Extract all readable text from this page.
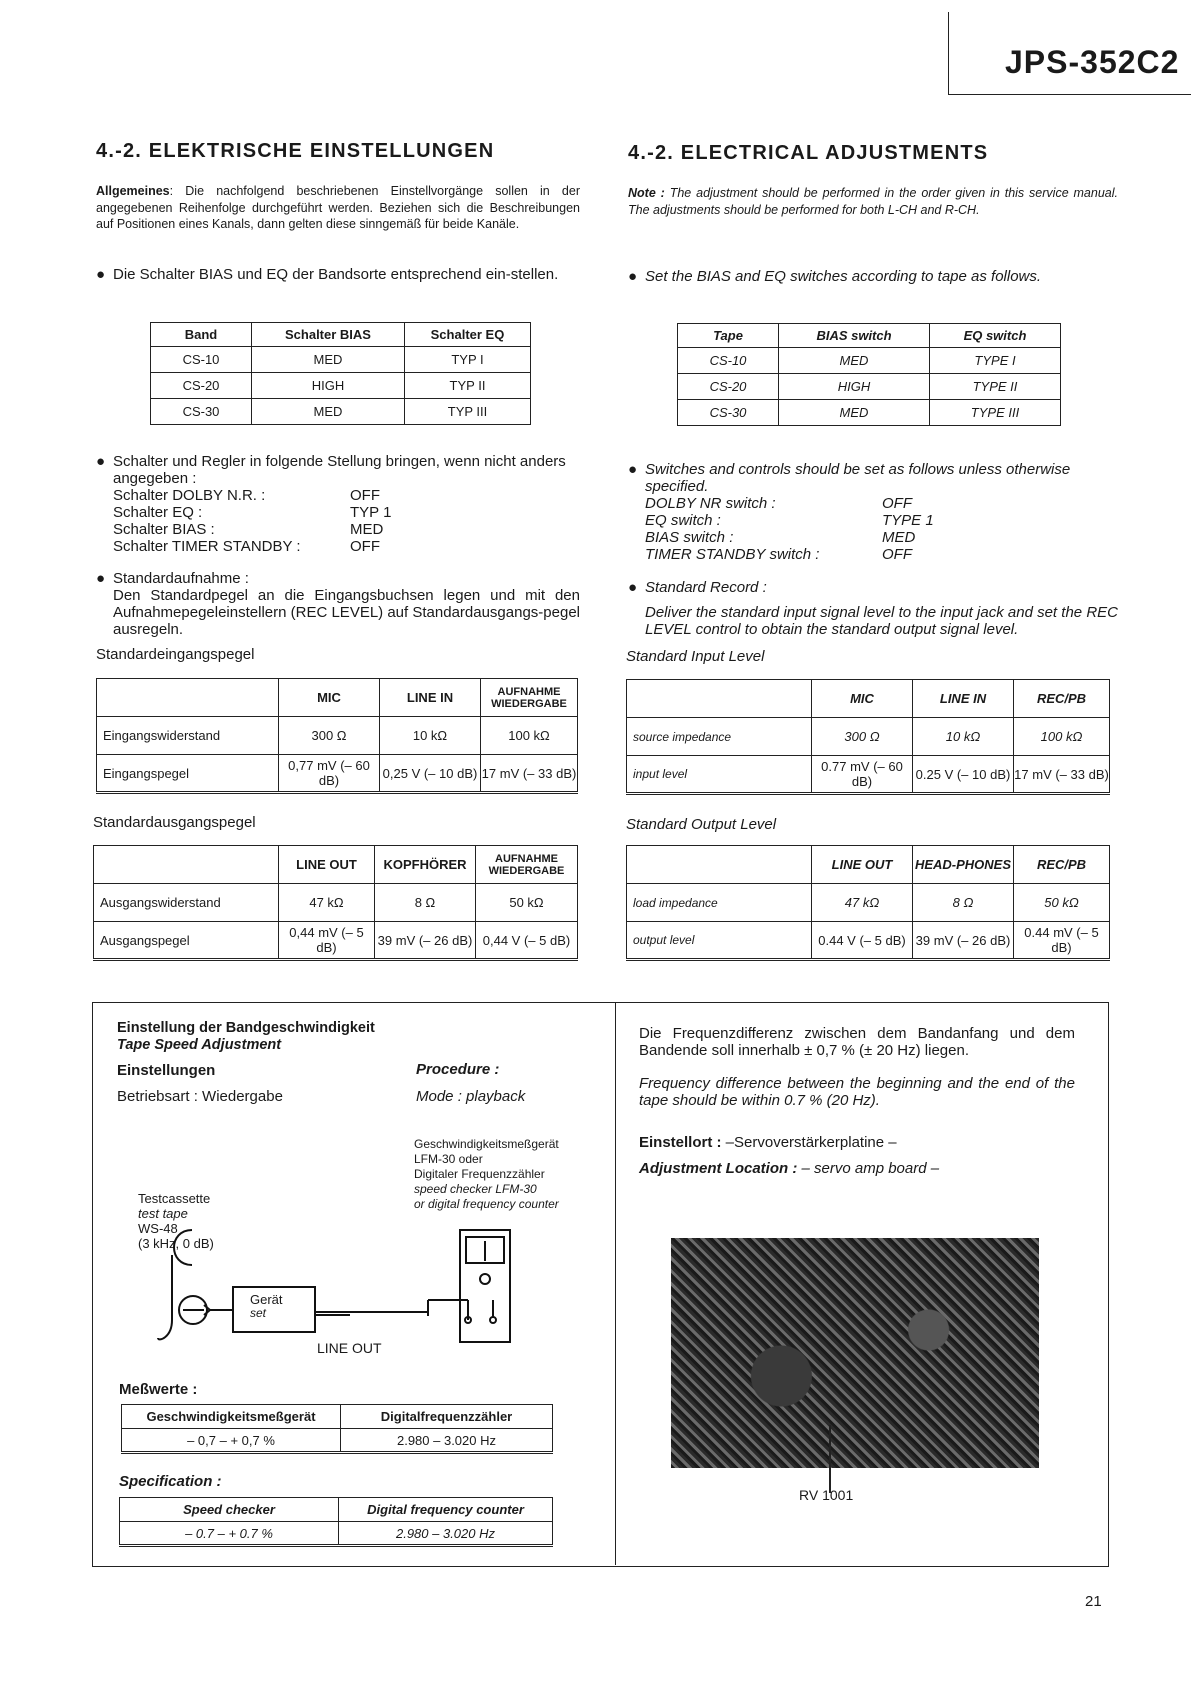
JPS-352C2
4.-2. ELEKTRISCHE EINSTELLUNGEN
Allgemeines: Die nachfolgend beschriebenen Einstellvorgänge sollen in der angegebenen Reihenfolge durchgeführt werden. Beziehen sich die Beschreibungen auf Positionen eines Kanals, dann gelten diese sinngemäß für beide Kanäle.
● Die Schalter BIAS und EQ der Bandsorte entsprechend ein-stellen.
Band	Schalter BIAS	Schalter EQ
CS-10	MED	TYP I
CS-20	HIGH	TYP II
CS-30	MED	TYP III
● Schalter und Regler in folgende Stellung bringen, wenn nicht anders angegeben :
Schalter DOLBY N.R. :	OFF
Schalter EQ :	TYP 1
Schalter BIAS :	MED
Schalter TIMER STANDBY :	OFF
● Standardaufnahme :
Den Standardpegel an die Eingangsbuchsen legen und mit den Aufnahmepegeleinstellern (REC LEVEL) auf Standardausgangs-pegel ausregeln.
Standardeingangspegel
	MIC	LINE IN	AUFNAHME WIEDERGABE
Eingangswiderstand	300 Ω	10 kΩ	100 kΩ
Eingangspegel	0,77 mV (– 60 dB)	0,25 V (– 10 dB)	17 mV (– 33 dB)
Standardausgangspegel
	LINE OUT	KOPFHÖRER	AUFNAHME WIEDERGABE
Ausgangswiderstand	47 kΩ	8 Ω	50 kΩ
Ausgangspegel	0,44 mV (– 5 dB)	39 mV (– 26 dB)	0,44 V (– 5 dB)
4.-2. ELECTRICAL ADJUSTMENTS
Note : The adjustment should be performed in the order given in this service manual. The adjustments should be performed for both L-CH and R-CH.
● Set the BIAS and EQ switches according to tape as follows.
Tape	BIAS switch	EQ switch
CS-10	MED	TYPE I
CS-20	HIGH	TYPE II
CS-30	MED	TYPE III
● Switches and controls should be set as follows unless otherwise specified.
DOLBY NR switch :	OFF
EQ switch :	TYPE 1
BIAS switch :	MED
TIMER STANDBY switch :	OFF
● Standard Record :
Deliver the standard input signal level to the input jack and set the REC LEVEL control to obtain the standard output signal level.
Standard Input Level
	MIC	LINE IN	REC/PB
source impedance	300 Ω	10 kΩ	100 kΩ
input level	0.77 mV (– 60 dB)	0.25 V (– 10 dB)	17 mV (– 33 dB)
Standard Output Level
	LINE OUT	HEAD-PHONES	REC/PB
load impedance	47 kΩ	8 Ω	50 kΩ
output level	0.44 V (– 5 dB)	39 mV (– 26 dB)	0.44 mV (– 5 dB)
Einstellung der Bandgeschwindigkeit
Tape Speed Adjustment
Einstellungen
Betriebsart : Wiedergabe
Procedure :
Mode : playback
Geschwindigkeitsmeßgerät
LFM-30 oder
Digitaler Frequenzzähler
speed checker LFM-30
or digital frequency counter
Testcassette
test tape
WS-48
(3 kHz, 0 dB)
Gerät
set
LINE OUT
Meßwerte :
Geschwindigkeitsmeßgerät	Digitalfrequenzzähler
– 0,7 – + 0,7 %	2.980 – 3.020 Hz
Specification :
Speed checker	Digital frequency counter
– 0.7 – + 0.7 %	2.980 – 3.020 Hz
Die Frequenzdifferenz zwischen dem Bandanfang und dem Bandende soll innerhalb ± 0,7 % (± 20 Hz) liegen.
Frequency difference between the beginning and the end of the tape should be within 0.7 % (20 Hz).
Einstellort : –Servoverstärkerplatine –
Adjustment Location : – servo amp board –
RV 1001
21
